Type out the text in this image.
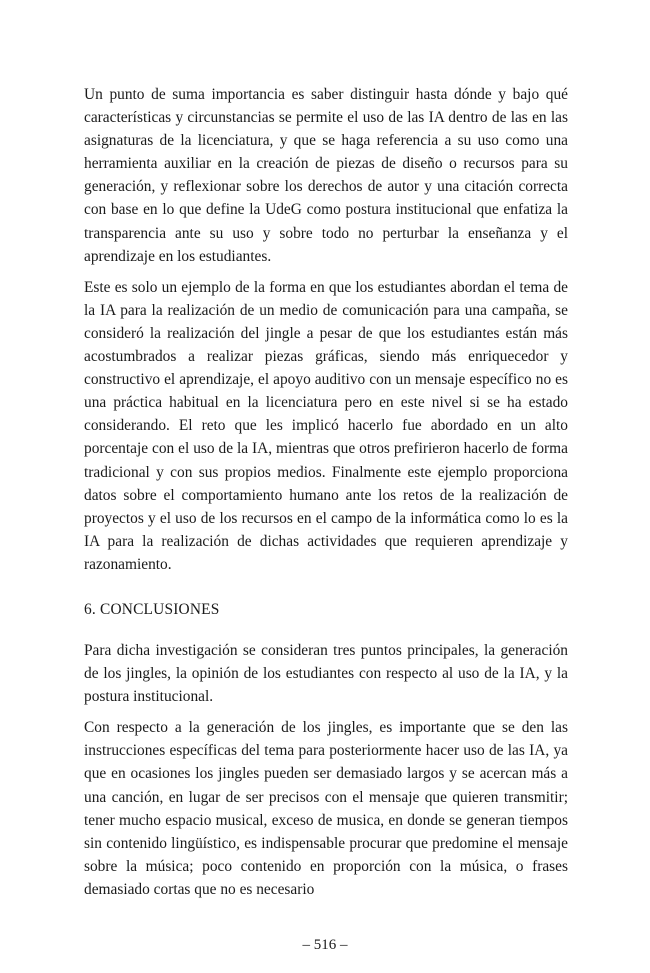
Un punto de suma importancia es saber distinguir hasta dónde y bajo qué características y circunstancias se permite el uso de las IA dentro de las en las asignaturas de la licenciatura, y que se haga referencia a su uso como una herramienta auxiliar en la creación de piezas de diseño o recursos para su generación, y reflexionar sobre los derechos de autor y una citación correcta con base en lo que define la UdeG como postura institucional que enfatiza la transparencia ante su uso y sobre todo no perturbar la enseñanza y el aprendizaje en los estudiantes.

Este es solo un ejemplo de la forma en que los estudiantes abordan el tema de la IA para la realización de un medio de comunicación para una campaña, se consideró la realización del jingle a pesar de que los estudiantes están más acostumbrados a realizar piezas gráficas, siendo más enriquecedor y constructivo el aprendizaje, el apoyo auditivo con un mensaje específico no es una práctica habitual en la licenciatura pero en este nivel si se ha estado considerando. El reto que les implicó hacerlo fue abordado en un alto porcentaje con el uso de la IA, mientras que otros prefirieron hacerlo de forma tradicional y con sus propios medios. Finalmente este ejemplo proporciona datos sobre el comportamiento humano ante los retos de la realización de proyectos y el uso de los recursos en el campo de la informática como lo es la IA para la realización de dichas actividades que requieren aprendizaje y razonamiento.

6. CONCLUSIONES

Para dicha investigación se consideran tres puntos principales, la generación de los jingles, la opinión de los estudiantes con respecto al uso de la IA, y la postura institucional.

Con respecto a la generación de los jingles, es importante que se den las instrucciones específicas del tema para posteriormente hacer uso de las IA, ya que en ocasiones los jingles pueden ser demasiado largos y se acercan más a una canción, en lugar de ser precisos con el mensaje que quieren transmitir; tener mucho espacio musical, exceso de musica, en donde se generan tiempos sin contenido lingüístico, es indispensable procurar que predomine el mensaje sobre la música; poco contenido en proporción con la música, o frases demasiado cortas que no es necesario

– 516 –
